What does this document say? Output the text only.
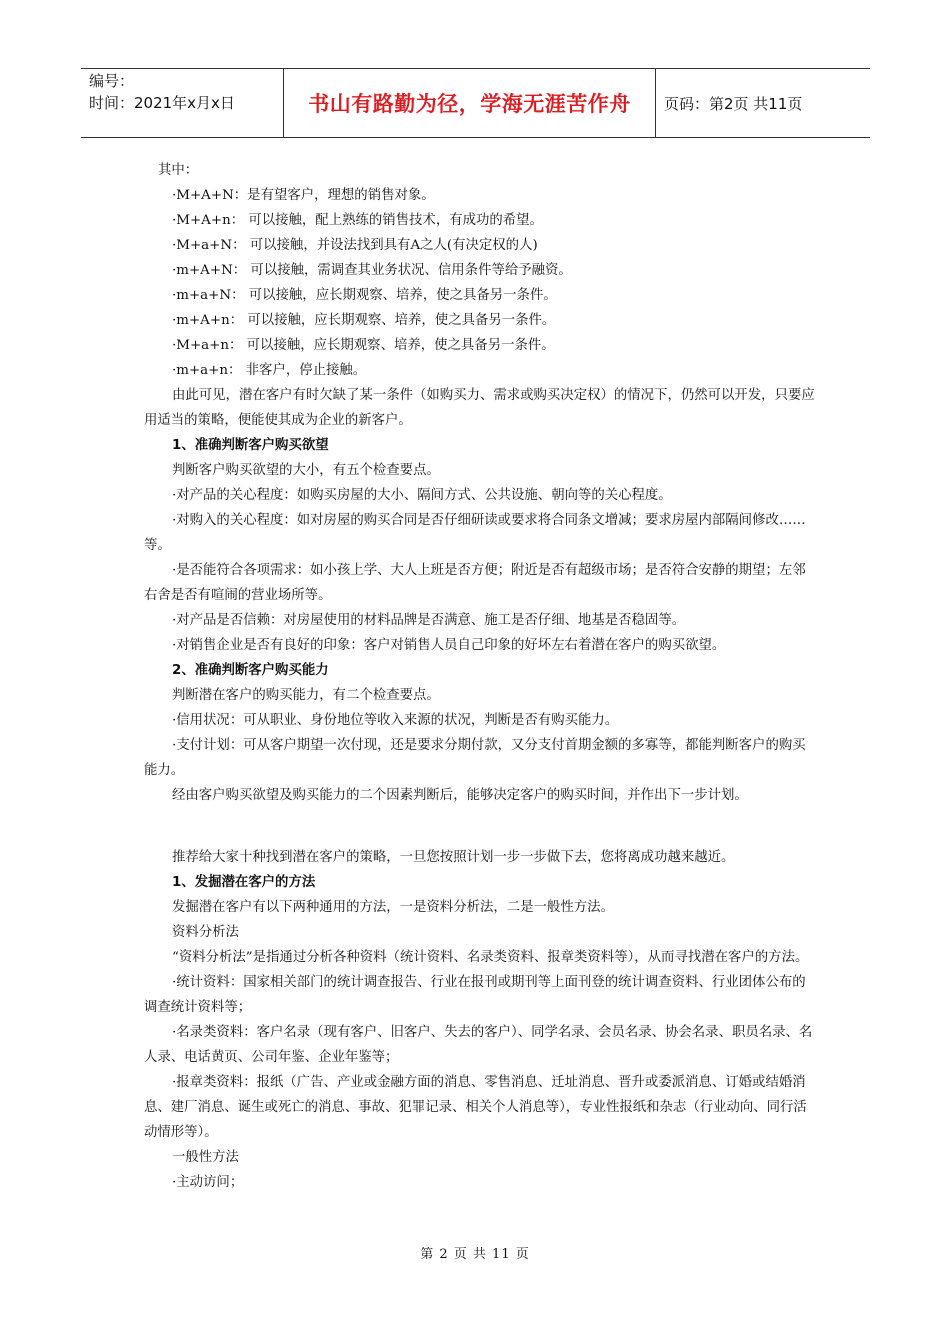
编号：
时间：2021年x月x日	书山有路勤为径，学海无涯苦作舟	页码：第2页 共11页

其中：

·M+A+N：是有望客户，理想的销售对象。

·M+A+n： 可以接触，配上熟练的销售技术，有成功的希望。

·M+a+N： 可以接触，并设法找到具有A之人(有决定权的人)

·m+A+N： 可以接触，需调查其业务状况、信用条件等给予融资。

·m+a+N： 可以接触，应长期观察、培养，使之具备另一条件。

·m+A+n： 可以接触，应长期观察、培养，使之具备另一条件。

·M+a+n： 可以接触，应长期观察、培养，使之具备另一条件。

·m+a+n： 非客户，停止接触。

由此可见，潜在客户有时欠缺了某一条件（如购买力、需求或购买决定权）的情况下，仍然可以开发，只要应用适当的策略，便能使其成为企业的新客户。

1、准确判断客户购买欲望

判断客户购买欲望的大小，有五个检查要点。

·对产品的关心程度：如购买房屋的大小、隔间方式、公共设施、朝向等的关心程度。

·对购入的关心程度：如对房屋的购买合同是否仔细研读或要求将合同条文增减；要求房屋内部隔间修改……等。

·是否能符合各项需求：如小孩上学、大人上班是否方便；附近是否有超级市场；是否符合安静的期望；左邻右舍是否有喧闹的营业场所等。

·对产品是否信赖：对房屋使用的材料品牌是否满意、施工是否仔细、地基是否稳固等。

·对销售企业是否有良好的印象：客户对销售人员自己印象的好坏左右着潜在客户的购买欲望。

2、准确判断客户购买能力

判断潜在客户的购买能力，有二个检查要点。

·信用状况：可从职业、身份地位等收入来源的状况，判断是否有购买能力。

·支付计划：可从客户期望一次付现，还是要求分期付款，又分支付首期金额的多寡等，都能判断客户的购买能力。

经由客户购买欲望及购买能力的二个因素判断后，能够决定客户的购买时间，并作出下一步计划。

推荐给大家十种找到潜在客户的策略，一旦您按照计划一步一步做下去，您将离成功越来越近。

1、发掘潜在客户的方法

发掘潜在客户有以下两种通用的方法，一是资料分析法，二是一般性方法。

资料分析法

“资料分析法”是指通过分析各种资料（统计资料、名录类资料、报章类资料等），从而寻找潜在客户的方法。

·统计资料：国家相关部门的统计调查报告、行业在报刊或期刊等上面刊登的统计调查资料、行业团体公布的调查统计资料等；

·名录类资料：客户名录（现有客户、旧客户、失去的客户）、同学名录、会员名录、协会名录、职员名录、名人录、电话黄页、公司年鉴、企业年鉴等；

·报章类资料：报纸（广告、产业或金融方面的消息、零售消息、迁址消息、晋升或委派消息、订婚或结婚消息、建厂消息、诞生或死亡的消息、事故、犯罪记录、相关个人消息等），专业性报纸和杂志（行业动向、同行活动情形等）。

一般性方法

·主动访问；

第 2 页 共 11 页
